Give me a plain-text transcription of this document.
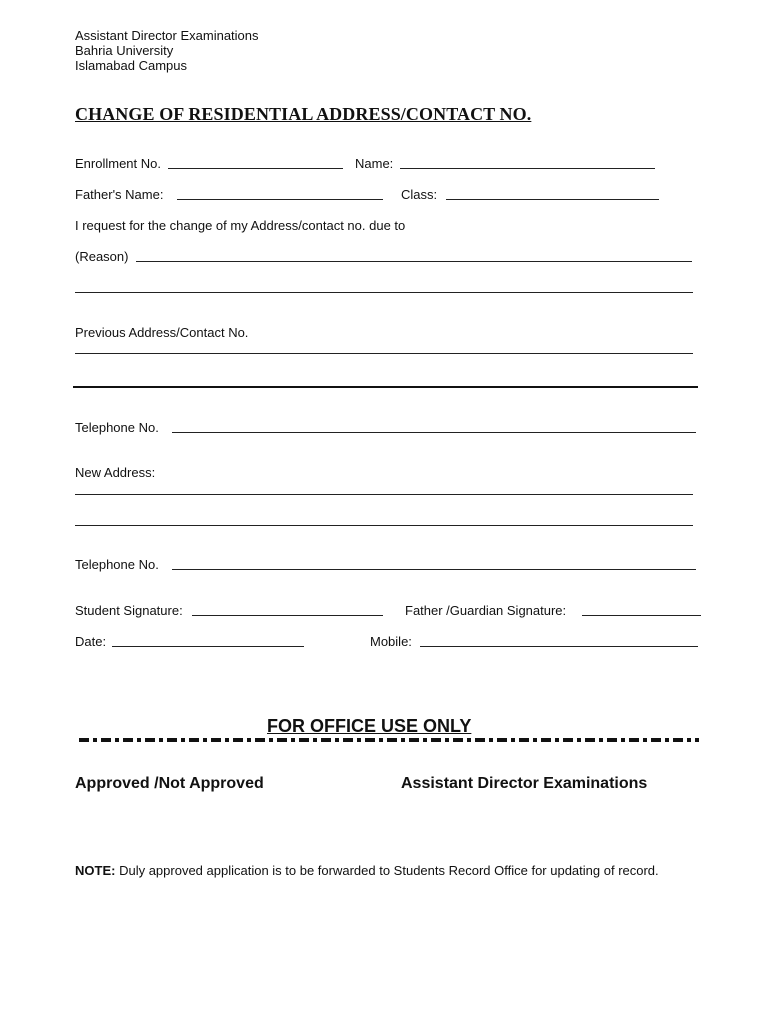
Assistant Director Examinations
Bahria University
Islamabad Campus
CHANGE OF RESIDENTIAL ADDRESS/CONTACT NO.
Enrollment No.	Name:
Father's Name:	Class:
I request for the change of my Address/contact no. due to
(Reason)
Previous Address/Contact No.
Telephone No.
New Address:
Telephone No.
Student Signature:	Father /Guardian Signature:
Date:	Mobile:
FOR OFFICE USE ONLY
Approved /Not Approved	Assistant Director Examinations
NOTE: Duly approved application is to be forwarded to Students Record Office for updating of record.
